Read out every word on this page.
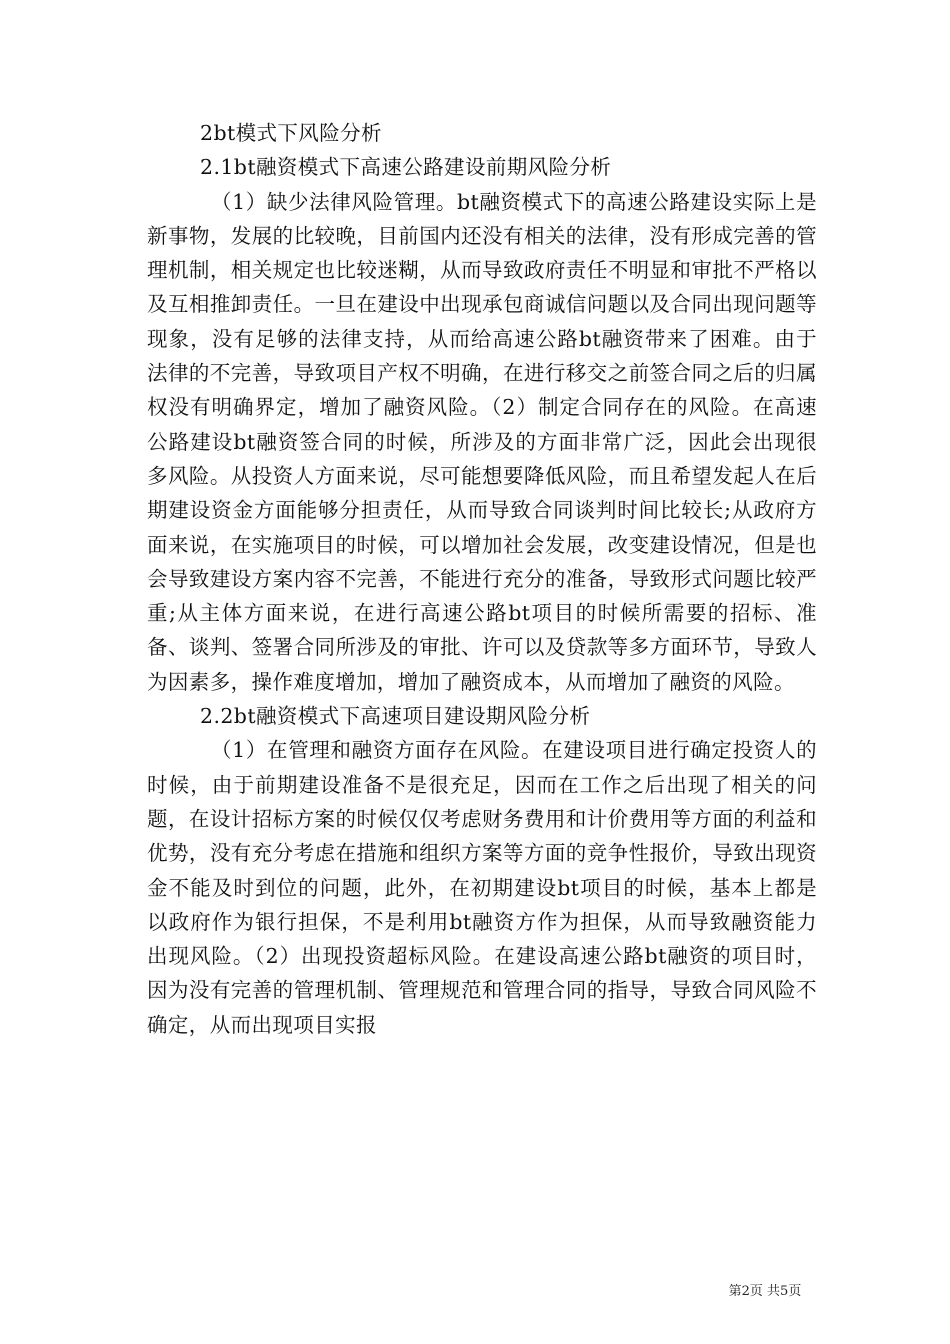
2bt模式下风险分析

2.1bt融资模式下高速公路建设前期风险分析

（1）缺少法律风险管理。bt融资模式下的高速公路建设实际上是新事物，发展的比较晚，目前国内还没有相关的法律，没有形成完善的管理机制，相关规定也比较迷糊，从而导致政府责任不明显和审批不严格以及互相推卸责任。一旦在建设中出现承包商诚信问题以及合同出现问题等现象，没有足够的法律支持，从而给高速公路bt融资带来了困难。由于法律的不完善，导致项目产权不明确，在进行移交之前签合同之后的归属权没有明确界定，增加了融资风险。（2）制定合同存在的风险。在高速公路建设bt融资签合同的时候，所涉及的方面非常广泛，因此会出现很多风险。从投资人方面来说，尽可能想要降低风险，而且希望发起人在后期建设资金方面能够分担责任，从而导致合同谈判时间比较长;从政府方面来说，在实施项目的时候，可以增加社会发展，改变建设情况，但是也会导致建设方案内容不完善，不能进行充分的准备，导致形式问题比较严重;从主体方面来说，在进行高速公路bt项目的时候所需要的招标、准备、谈判、签署合同所涉及的审批、许可以及贷款等多方面环节，导致人为因素多，操作难度增加，增加了融资成本，从而增加了融资的风险。

2.2bt融资模式下高速项目建设期风险分析

（1）在管理和融资方面存在风险。在建设项目进行确定投资人的时候，由于前期建设准备不是很充足，因而在工作之后出现了相关的问题，在设计招标方案的时候仅仅考虑财务费用和计价费用等方面的利益和优势，没有充分考虑在措施和组织方案等方面的竞争性报价，导致出现资金不能及时到位的问题，此外，在初期建设bt项目的时候，基本上都是以政府作为银行担保，不是利用bt融资方作为担保，从而导致融资能力出现风险。（2）出现投资超标风险。在建设高速公路bt融资的项目时，因为没有完善的管理机制、管理规范和管理合同的指导，导致合同风险不确定，从而出现项目实报

第2页 共5页
